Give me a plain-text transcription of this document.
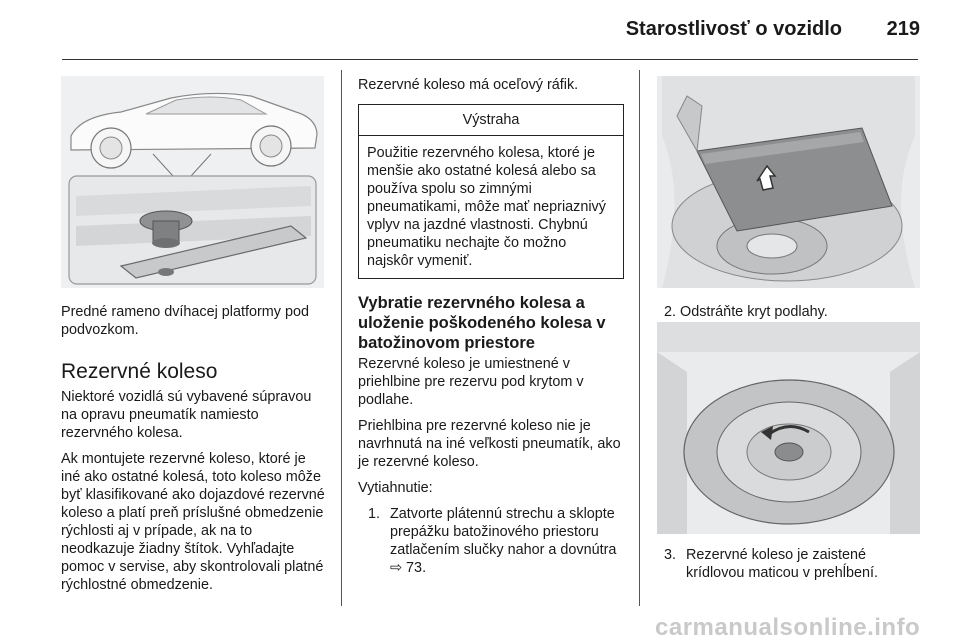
Starostlivosť o vozidlo 219
Predné rameno dvíhacej platformy pod podvozkom.
Rezervné koleso

Niektoré vozidlá sú vybavené súpravou na opravu pneumatík namiesto rezervného kolesa.

Ak montujete rezervné koleso, ktoré je iné ako ostatné kolesá, toto koleso môže byť klasifikované ako dojazdové rezervné koleso a platí preň príslušné obmedzenie rýchlosti aj v prípade, ak na to neodkazuje žiadny štítok. Vyhľadajte pomoc v servise, aby skontrolovali platné rýchlostné obmedzenie.

Rezervné koleso má oceľový ráfik.

Výstraha
Použitie rezervného kolesa, ktoré je menšie ako ostatné kolesá alebo sa používa spolu so zimnými pneumatikami, môže mať nepriaznivý vplyv na jazdné vlastnosti. Chybnú pneumatiku nechajte čo možno najskôr vymeniť.
Vybratie rezervného kolesa a uloženie poškodeného kolesa v batožinovom priestore

Rezervné koleso je umiestnené v priehlbine pre rezervu pod krytom v podlahe.

Priehlbina pre rezervné koleso nie je navrhnutá na iné veľkosti pneumatík, ako je rezervné koleso.

Vytiahnutie:

1. Zatvorte plátennú strechu a sklopte prepážku batožinového priestoru zatlačením slučky nahor a dovnútra ⇨ 73.
2. Odstráňte kryt podlahy.
3. Rezervné koleso je zaistené krídlovou maticou v prehĺbení.
carmanualsonline.info
